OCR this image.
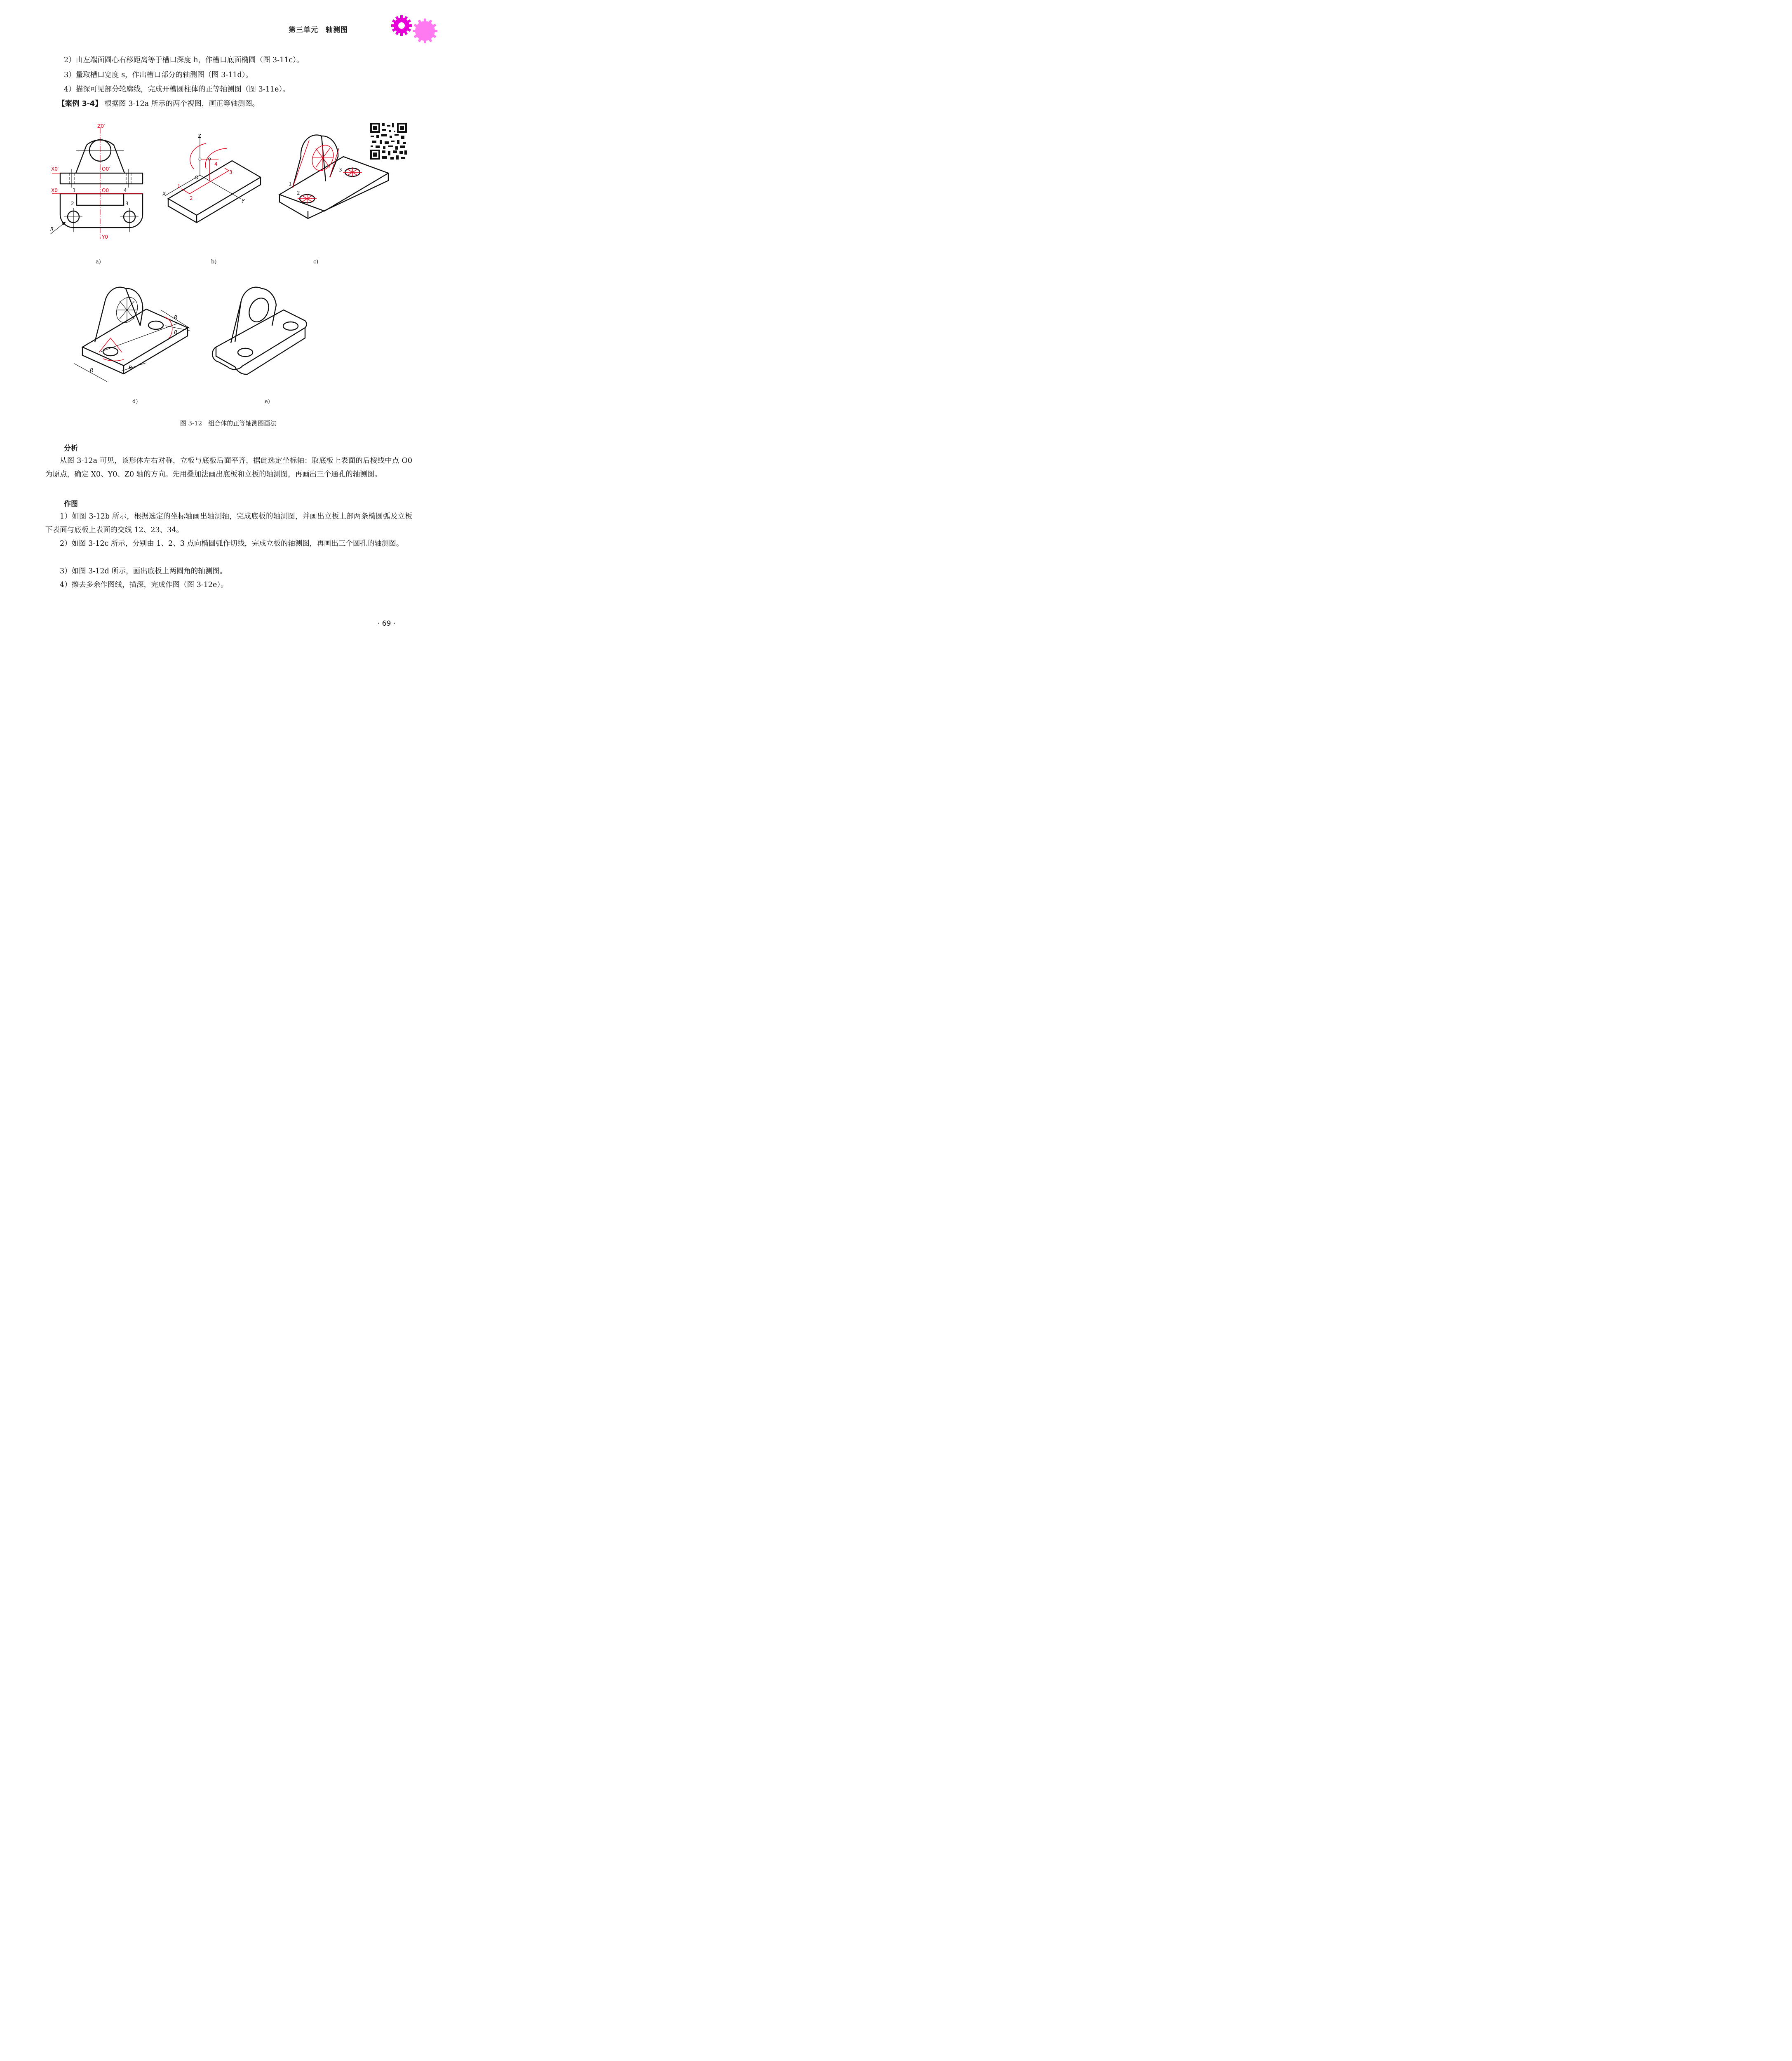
第三单元　轴测图
2）由左端面圆心右移距离等于槽口深度 h，作槽口底面椭圆（图 3-11c）。
3）量取槽口宽度 s，作出槽口部分的轴测图（图 3-11d）。
4）描深可见部分轮廓线，完成开槽圆柱体的正等轴测图（图 3-11e）。
【案例 3-4】 根据图 3-12a 所示的两个视图，画正等轴测图。
Z0′
X0′	O0′
X0	O0
Y0
1	4
2	3
R
Z
X
Y
O
1
2
3
4
1
2
3
R	R
R
R
a)	b)	c)
d)	e)
图 3-12　组合体的正等轴测图画法
分析
从图 3-12a 可见，该形体左右对称，立板与底板后面平齐，据此选定坐标轴：取底板上表面的后棱线中点 O0 为原点，确定 X0、Y0、Z0 轴的方向。先用叠加法画出底板和立板的轴测图，再画出三个通孔的轴测图。
作图
1）如图 3-12b 所示，根据选定的坐标轴画出轴测轴，完成底板的轴测图，并画出立板上部两条椭圆弧及立板下表面与底板上表面的交线 12、23、34。
2）如图 3-12c 所示，分别由 1、2、3 点向椭圆弧作切线，完成立板的轴测图，再画出三个圆孔的轴测图。
3）如图 3-12d 所示，画出底板上两圆角的轴测图。
4）擦去多余作图线，描深，完成作图（图 3-12e）。
· 69 ·
